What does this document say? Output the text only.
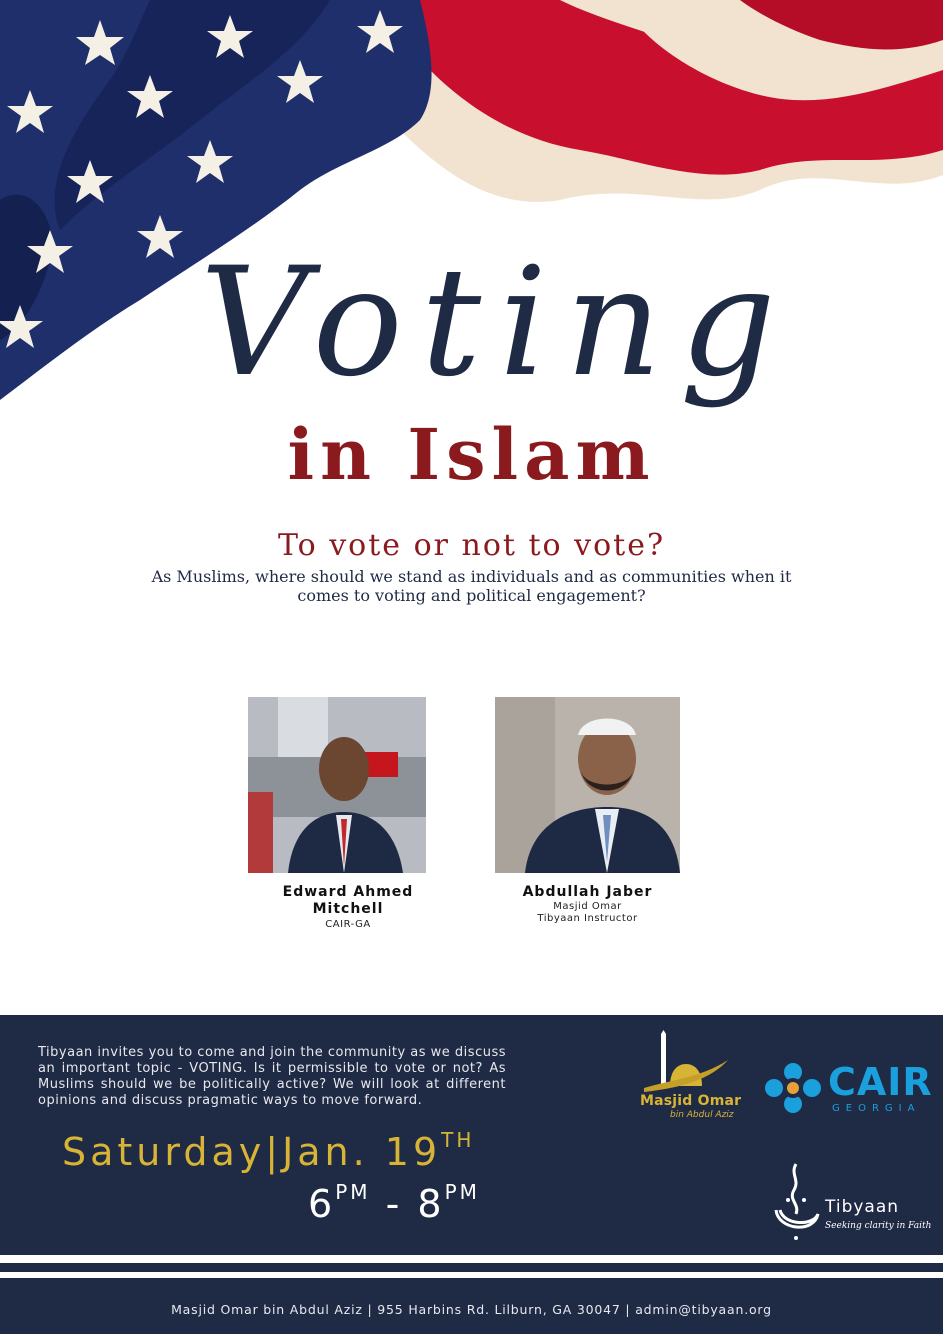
Voting
in Islam
To vote or not to vote?
As Muslims, where should we stand as individuals and as communities when it comes to voting and political engagement?
Edward Ahmed Mitchell
CAIR-GA
Abdullah Jaber
Masjid Omar
Tibyaan Instructor
Tibyaan invites you to come and join the community as we discuss an important topic - VOTING. Is it permissible to vote or not? As Muslims should we be politically active? We will look at different opinions and discuss pragmatic ways to move forward.
Saturday|Jan. 19TH
$6^{PM} - 8^{PM}$
Masjid Omar
bin Abdul Aziz
CAIR
GEORGIA
Tibyaan
Seeking clarity in Faith
Masjid Omar bin Abdul Aziz | 955 Harbins Rd. Lilburn, GA 30047 | admin@tibyaan.org
